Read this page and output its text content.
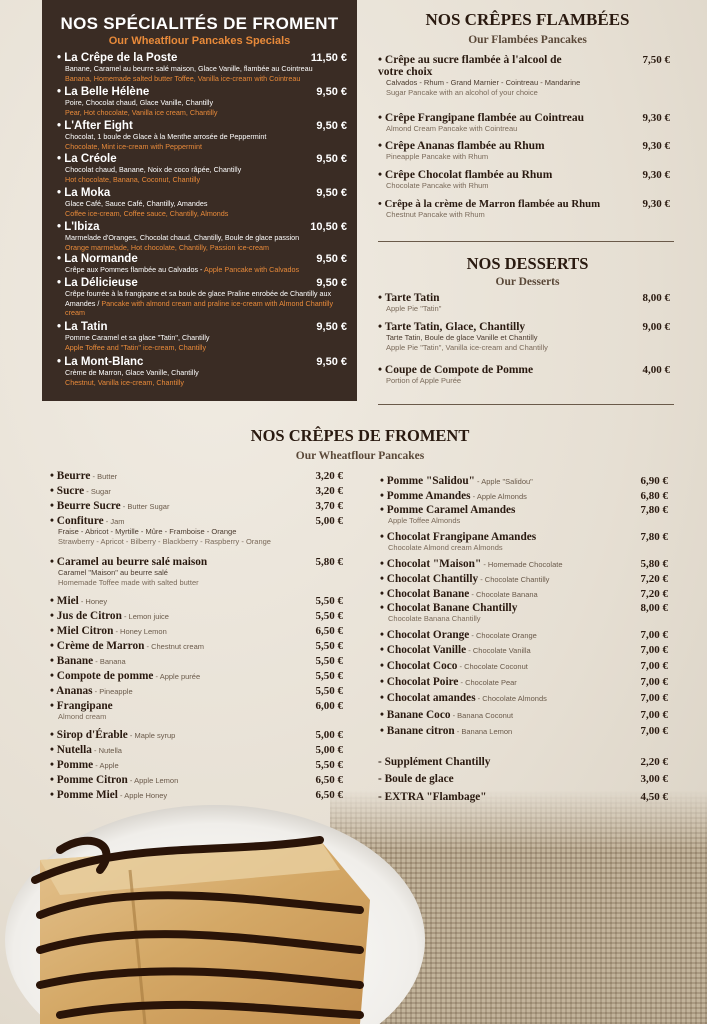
NOS SPÉCIALITÉS DE FROMENT
Our Wheatflour Pancakes Specials
• La Crêpe de la Poste	11,50 €
Banane, Caramel au beurre salé maison, Glace Vanille, flambée au Cointreau
Banana, Homemade salted butter Toffee, Vanilla ice-cream with Cointreau
• La Belle Hélène	9,50 €
Poire, Chocolat chaud, Glace Vanille, Chantilly
Pear, Hot chocolate, Vanilla ice cream, Chantilly
• L'After Eight	9,50 €
Chocolat, 1 boule de Glace à la Menthe arrosée de Peppermint
Chocolate, Mint ice-cream with Peppermint
• La Créole	9,50 €
Chocolat chaud, Banane, Noix de coco râpée, Chantilly
Hot chocolate, Banana, Coconut, Chantilly
• La Moka	9,50 €
Glace Café, Sauce Café, Chantilly, Amandes
Coffee ice-cream, Coffee sauce, Chantilly, Almonds
• L'Ibiza	10,50 €
Marmelade d'Oranges, Chocolat chaud, Chantilly, Boule de glace passion
Orange marmelade, Hot chocolate, Chantilly, Passion ice-cream
• La Normande	9,50 €
Crêpe aux Pommes flambée au Calvados - Apple Pancake with Calvados
• La Délicieuse	9,50 €
Crêpe fourrée à la frangipane et sa boule de glace Praline enrobée de Chantilly aux Amandes / Pancake with almond cream and praline ice-cream with Almond Chantilly cream
• La Tatin	9,50 €
Pomme Caramel et sa glace "Tatin", Chantilly
Apple Toffee and "Tatin" ice-cream, Chantilly
• La Mont-Blanc	9,50 €
Crème de Marron, Glace Vanille, Chantilly
Chestnut, Vanilla ice-cream, Chantilly
NOS CRÊPES FLAMBÉES
Our Flambées Pancakes
• Crêpe au sucre flambée à l'alcool de votre choix
7,50 €
Calvados - Rhum - Grand Marnier - Cointreau - Mandarine
Sugar Pancake with an alcohol of your choice
• Crêpe Frangipane flambée au Cointreau	9,30 €
Almond Cream Pancake with Cointreau
• Crêpe Ananas flambée au Rhum	9,30 €
Pineapple Pancake with Rhum
• Crêpe Chocolat flambée au Rhum	9,30 €
Chocolate Pancake with Rhum
• Crêpe à la crème de Marron flambée au Rhum	9,30 €
Chestnut Pancake with Rhum
NOS DESSERTS
Our Desserts
• Tarte Tatin	8,00 €
Apple Pie "Tatin"
• Tarte Tatin, Glace, Chantilly	9,00 €
Tarte Tatin, Boule de glace Vanille et Chantilly
Apple Pie "Tatin", Vanilla ice-cream and Chantilly
• Coupe de Compote de Pomme	4,00 €
Portion of Apple Purée
NOS CRÊPES DE FROMENT
Our Wheatflour Pancakes
• Beurre - Butter	3,20 €
• Sucre - Sugar	3,20 €
• Beurre Sucre - Butter Sugar	3,70 €
• Confiture - Jam	5,00 €
Fraise - Abricot - Myrtille - Mûre - Framboise - Orange
Strawberry - Apricot - Bilberry - Blackberry - Raspberry - Orange
• Caramel au beurre salé maison	5,80 €
Caramel "Maison" au beurre salé
Homemade Toffee made with salted butter
• Miel - Honey	5,50 €
• Jus de Citron - Lemon juice	5,50 €
• Miel Citron - Honey Lemon	6,50 €
• Crème de Marron - Chestnut cream	5,50 €
• Banane - Banana	5,50 €
• Compote de pomme - Apple purée	5,50 €
• Ananas - Pineapple	5,50 €
• Frangipane	6,00 €
Almond cream
• Sirop d'Érable - Maple syrup	5,00 €
• Nutella - Nutella	5,00 €
• Pomme - Apple	5,50 €
• Pomme Citron - Apple Lemon	6,50 €
• Pomme Miel - Apple Honey	6,50 €
• Pomme "Salidou" - Apple "Salidou"	6,90 €
• Pomme Amandes - Apple Almonds	6,80 €
• Pomme Caramel Amandes	7,80 €
Apple Toffee Almonds
• Chocolat Frangipane Amandes	7,80 €
Chocolate Almond cream Almonds
• Chocolat "Maison" - Homemade Chocolate	5,80 €
• Chocolat Chantilly - Chocolate Chantilly	7,20 €
• Chocolat Banane - Chocolate Banana	7,20 €
• Chocolat Banane Chantilly	8,00 €
Chocolate Banana Chantilly
• Chocolat Orange - Chocolate Orange	7,00 €
• Chocolat Vanille - Chocolate Vanilla	7,00 €
• Chocolat Coco - Chocolate Coconut	7,00 €
• Chocolat Poire - Chocolate Pear	7,00 €
• Chocolat amandes - Chocolate Almonds	7,00 €
• Banane Coco - Banana Coconut	7,00 €
• Banane citron - Banana Lemon	7,00 €
- Supplément Chantilly	2,20 €
- Boule de glace	3,00 €
- EXTRA "Flambage"	4,50 €
